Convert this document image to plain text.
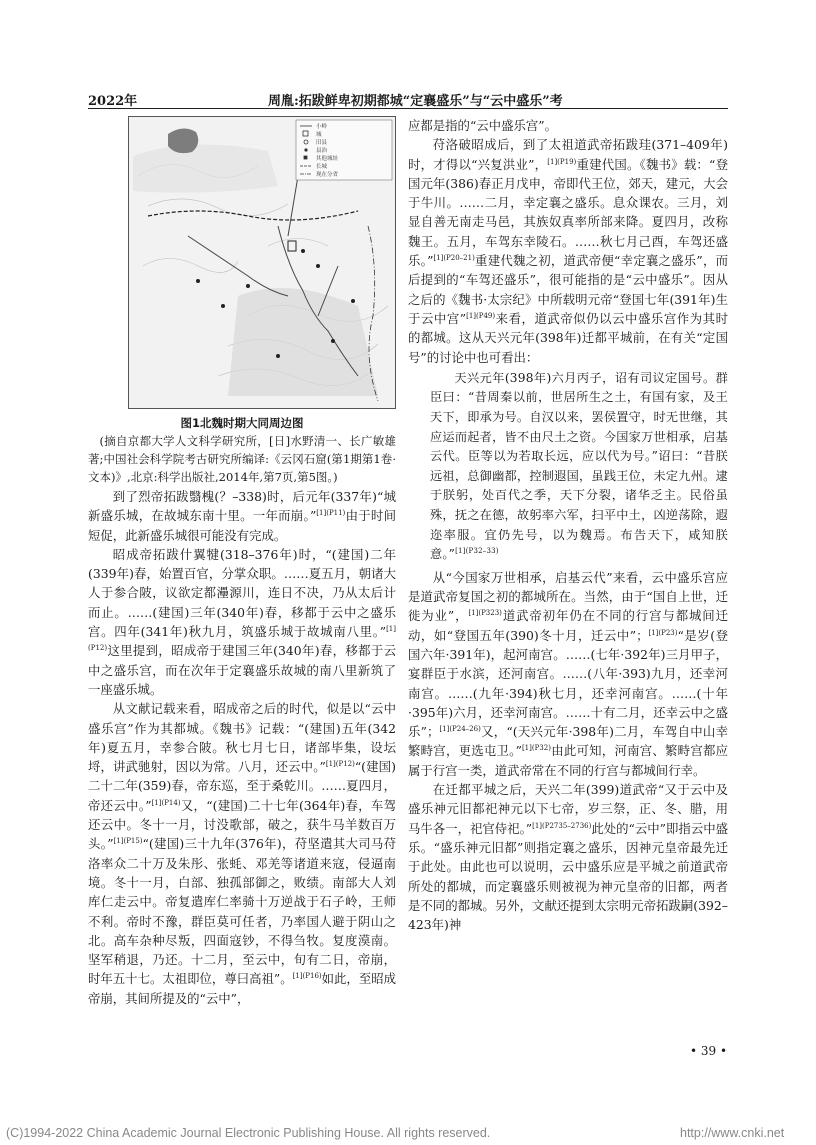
2022年	周胤:拓跋鲜卑初期都城“定襄盛乐”与“云中盛乐”考
小岭
城
旧县
县治
其他城址
长城
现在分省
图1北魏时期大同周边图
(摘自京都大学人文科学研究所，[日]水野清一、长广敏雄著;中国社会科学院考古研究所编译:《云冈石窟(第1期第1卷·文本)》,北京:科学出版社,2014年,第7页,第5图。)

到了烈帝拓跋翳槐(？–338)时，后元年(337年)“城新盛乐城，在故城东南十里。一年而崩。”$^{[1](P11)}$由于时间短促，此新盛乐城很可能没有完成。

昭成帝拓跋什翼犍(318–376年)时，“(建国)二年(339年)春，始置百官，分掌众职。……夏五月，朝诸大人于参合陂，议欲定都灅源川，连日不决，乃从太后计而止。……(建国)三年(340年)春，移都于云中之盛乐宫。四年(341年)秋九月，筑盛乐城于故城南八里。”$^{[1](P12)}$这里提到，昭成帝于建国三年(340年)春，移都于云中之盛乐宫，而在次年于定襄盛乐故城的南八里新筑了一座盛乐城。

从文献记载来看，昭成帝之后的时代，似是以“云中盛乐宫”作为其都城。《魏书》记载：“(建国)五年(342年)夏五月，幸参合陂。秋七月七日，诸部毕集，设坛埒，讲武驰射，因以为常。八月，还云中。”$^{[1](P12)}$“(建国)二十二年(359)春，帝东巡，至于桑乾川。……夏四月，帝还云中。”$^{[1](P14)}$又，“(建国)二十七年(364年)春，车驾还云中。冬十一月，讨没歌部，破之，获牛马羊数百万头。”$^{[1](P15)}$“(建国)三十九年(376年)，苻坚遣其大司马苻洛率众二十万及朱彤、张蚝、邓羌等诸道来寇，侵逼南境。冬十一月，白部、独孤部御之，败绩。南部大人刘库仁走云中。帝复遣库仁率骑十万逆战于石子岭，王师不利。帝时不豫，群臣莫可任者，乃率国人避于阴山之北。高车杂种尽叛，四面寇钞，不得刍牧。复度漠南。坚军稍退，乃还。十二月，至云中，旬有二日，帝崩，时年五十七。太祖即位，尊曰高祖”。$^{[1](P16)}$如此，至昭成帝崩，其间所提及的“云中”，

应都是指的“云中盛乐宫”。

苻洛破昭成后，到了太祖道武帝拓跋珪(371–409年)时，才得以“兴复洪业”，$^{[1](P19)}$重建代国。《魏书》载：“登国元年(386)春正月戊申，帝即代王位，郊天，建元，大会于牛川。……二月，幸定襄之盛乐。息众课农。三月，刘显自善无南走马邑，其族奴真率所部来降。夏四月，改称魏王。五月，车驾东幸陵石。……秋七月己酉，车驾还盛乐。”$^{[1](P20-21)}$重建代魏之初，道武帝便“幸定襄之盛乐”，而后提到的“车驾还盛乐”，很可能指的是“云中盛乐”。因从之后的《魏书·太宗纪》中所载明元帝“登国七年(391年)生于云中宫”$^{[1](P49)}$来看，道武帝似仍以云中盛乐宫作为其时的都城。这从天兴元年(398年)迁都平城前，在有关“定国号”的讨论中也可看出：

天兴元年(398年)六月丙子，诏有司议定国号。群臣曰：“昔周秦以前，世居所生之土，有国有家，及王天下，即承为号。自汉以来，罢侯置守，时无世继，其应运而起者，皆不由尺土之资。今国家万世相承，启基云代。臣等以为若取长远，应以代为号。”诏曰：“昔朕远祖，总御幽都，控制遐国，虽践王位，未定九州。逮于朕躬，处百代之季，天下分裂，诸华乏主。民俗虽殊，抚之在德，故躬率六军，扫平中土，凶逆荡除，遐迩率服。宜仍先号，以为魏焉。布告天下，咸知朕意。”$^{[1](P32-33)}$

从“今国家万世相承，启基云代”来看，云中盛乐宫应是道武帝复国之初的都城所在。当然，由于“国自上世，迁徙为业”，$^{[1](P323)}$道武帝初年仍在不同的行宫与都城间迁动，如“登国五年(390)冬十月，迁云中”；$^{[1](P23)}$“是岁(登国六年·391年)，起河南宫。……(七年·392年)三月甲子，宴群臣于水滨，还河南宫。……(八年·393)九月，还幸河南宫。……(九年·394)秋七月，还幸河南宫。……(十年·395年)六月，还幸河南宫。……十有二月，还幸云中之盛乐”；$^{[1](P24-26)}$又，“(天兴元年·398年)二月，车驾自中山幸繁畤宫，更选屯卫。”$^{[1](P32)}$由此可知，河南宫、繁畤宫都应属于行宫一类，道武帝常在不同的行宫与都城间行幸。

在迁都平城之后，天兴二年(399)道武帝“又于云中及盛乐神元旧都祀神元以下七帝，岁三祭，正、冬、腊，用马牛各一，祀官侍祀。”$^{[1](P2735-2736)}$此处的“云中”即指云中盛乐。“盛乐神元旧都”则指定襄之盛乐，因神元皇帝最先迁于此处。由此也可以说明，云中盛乐应是平城之前道武帝所处的都城，而定襄盛乐则被视为神元皇帝的旧都，两者是不同的都城。另外，文献还提到太宗明元帝拓跋嗣(392–423年)神

• 39 •
(C)1994-2022 China Academic Journal Electronic Publishing House. All rights reserved.	http://www.cnki.net
